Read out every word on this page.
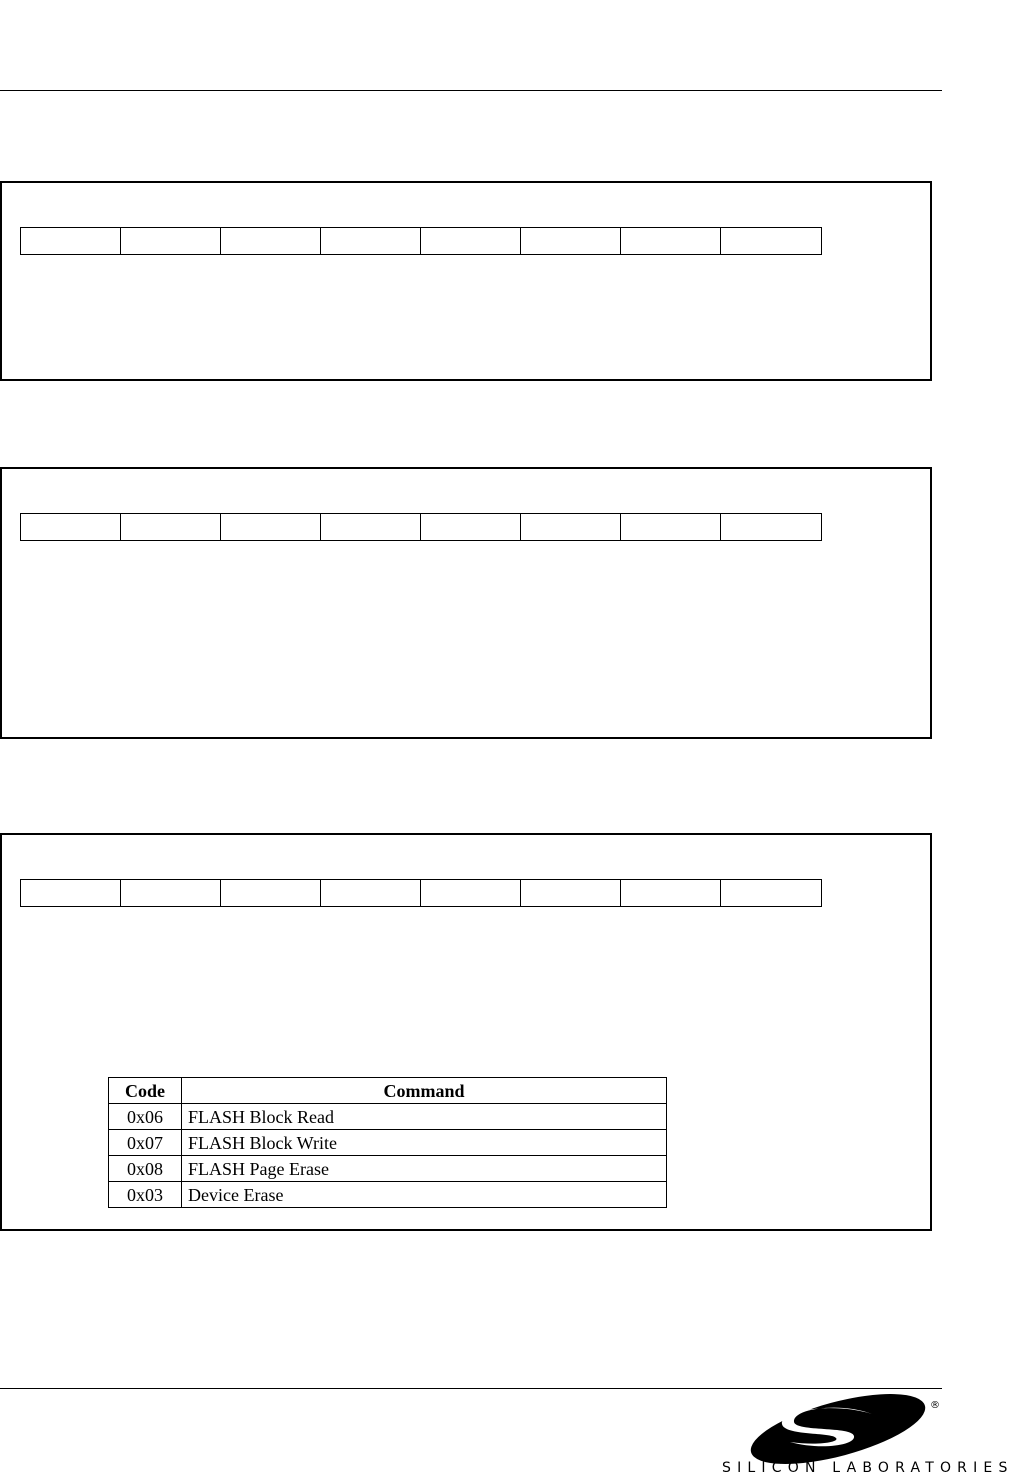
Code	Command
0x06	FLASH Block Read
0x07	FLASH Block Write
0x08	FLASH Page Erase
0x03	Device Erase
®
SILICON LABORATORIES
